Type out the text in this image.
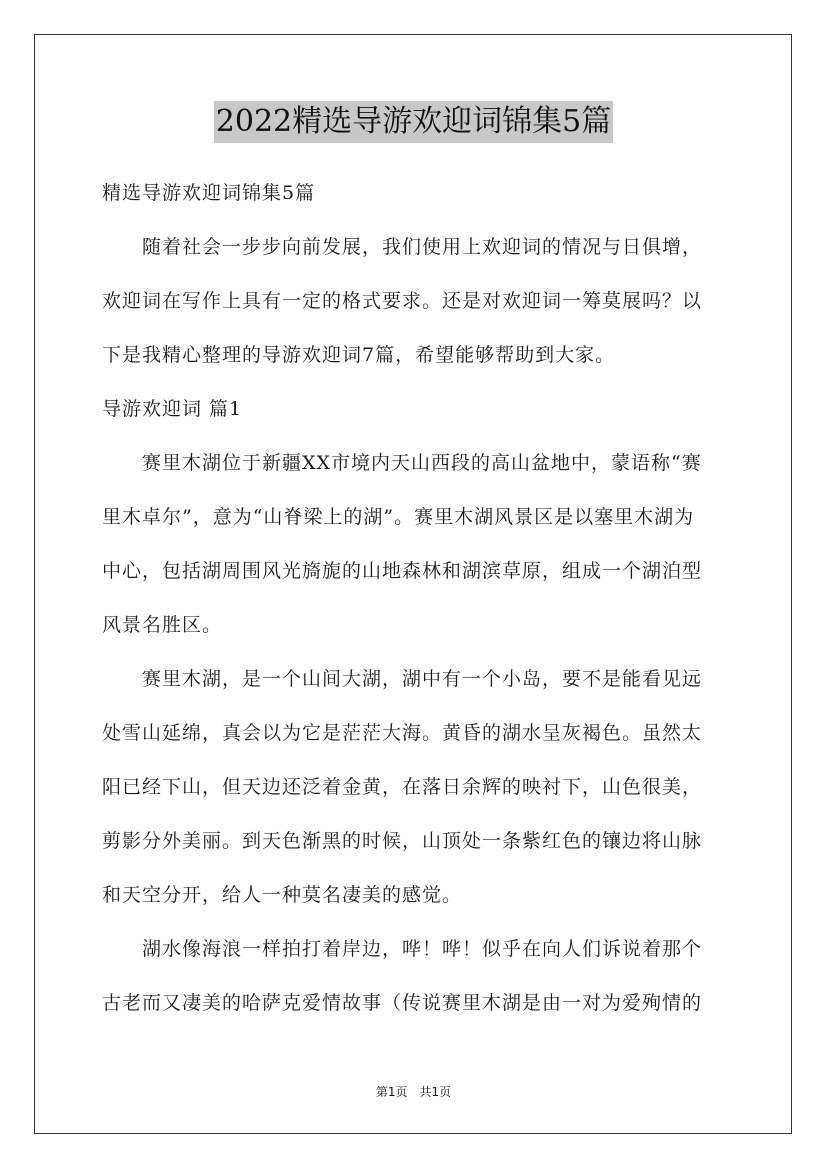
2022精选导游欢迎词锦集5篇
精选导游欢迎词锦集5篇
　　随着社会一步步向前发展，我们使用上欢迎词的情况与日俱增，
欢迎词在写作上具有一定的格式要求。还是对欢迎词一筹莫展吗？以
下是我精心整理的导游欢迎词7篇，希望能够帮助到大家。
导游欢迎词 篇1
　　赛里木湖位于新疆XX市境内天山西段的高山盆地中，蒙语称“赛
里木卓尔”，意为“山脊梁上的湖”。赛里木湖风景区是以塞里木湖为
中心，包括湖周围风光旖旎的山地森林和湖滨草原，组成一个湖泊型
风景名胜区。
　　赛里木湖，是一个山间大湖，湖中有一个小岛，要不是能看见远
处雪山延绵，真会以为它是茫茫大海。黄昏的湖水呈灰褐色。虽然太
阳已经下山，但天边还泛着金黄，在落日余辉的映衬下，山色很美，
剪影分外美丽。到天色渐黑的时候，山顶处一条紫红色的镶边将山脉
和天空分开，给人一种莫名凄美的感觉。
　　湖水像海浪一样拍打着岸边，哗！哗！似乎在向人们诉说着那个
古老而又凄美的哈萨克爱情故事（传说赛里木湖是由一对为爱殉情的
第1页　共1页
